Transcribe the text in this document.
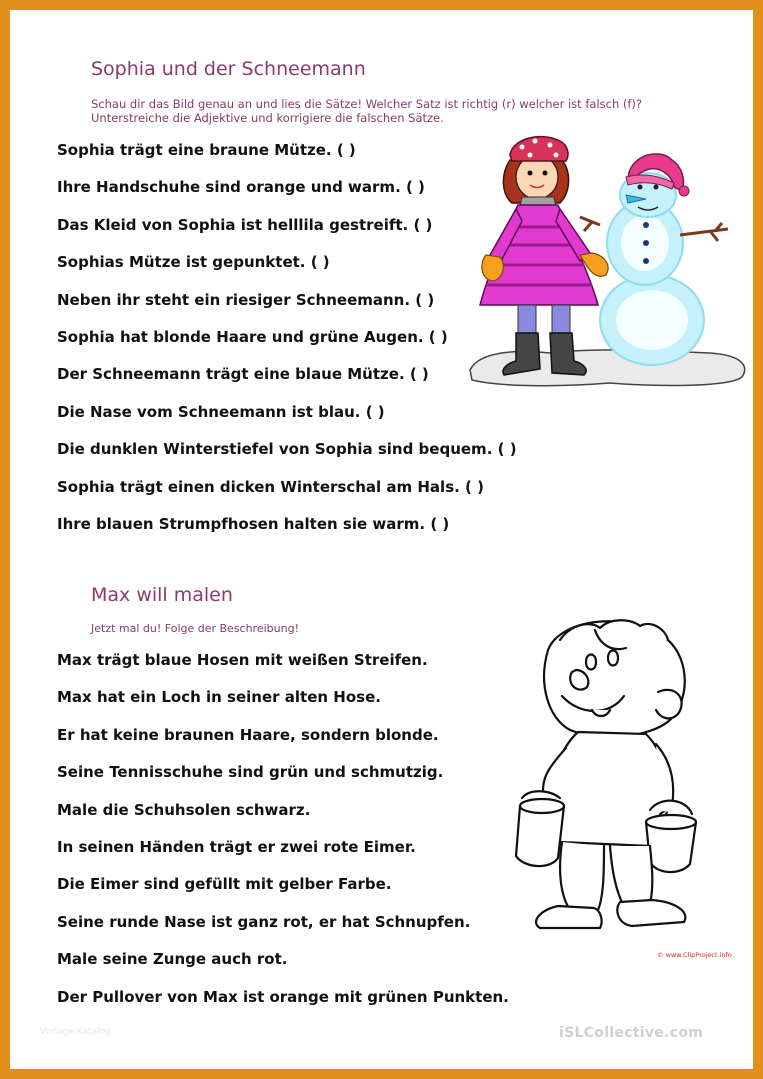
Sophia und der Schneemann
Schau dir das Bild genau an und lies die Sätze! Welcher Satz ist richtig (r) welcher ist falsch (f)?
Unterstreiche die Adjektive und korrigiere die falschen Sätze.
Sophia trägt eine braune Mütze. ( )
Ihre Handschuhe sind orange und warm. ( )
Das Kleid von Sophia ist helllila gestreift. ( )
Sophias Mütze ist gepunktet. ( )
Neben ihr steht ein riesiger Schneemann. ( )
Sophia hat blonde Haare und grüne Augen. ( )
Der Schneemann trägt eine blaue Mütze. ( )
Die Nase vom Schneemann ist blau. ( )
Die dunklen Winterstiefel von Sophia sind bequem. ( )
Sophia trägt einen dicken Winterschal am Hals. ( )
Ihre blauen Strumpfhosen halten sie warm. ( )
Max will malen
Jetzt mal du! Folge der Beschreibung!
Max trägt blaue Hosen mit weißen Streifen.
Max hat ein Loch in seiner alten Hose.
Er hat keine braunen Haare, sondern blonde.
Seine Tennisschuhe sind grün und schmutzig.
Male die Schuhsolen schwarz.
In seinen Händen trägt er zwei rote Eimer.
Die Eimer sind gefüllt mit gelber Farbe.
Seine runde Nase ist ganz rot, er hat Schnupfen.
Male seine Zunge auch rot.
Der Pullover von Max ist orange mit grünen Punkten.
© www.ClipProject.info
Vorlage Katalog	iSLCollective.com
